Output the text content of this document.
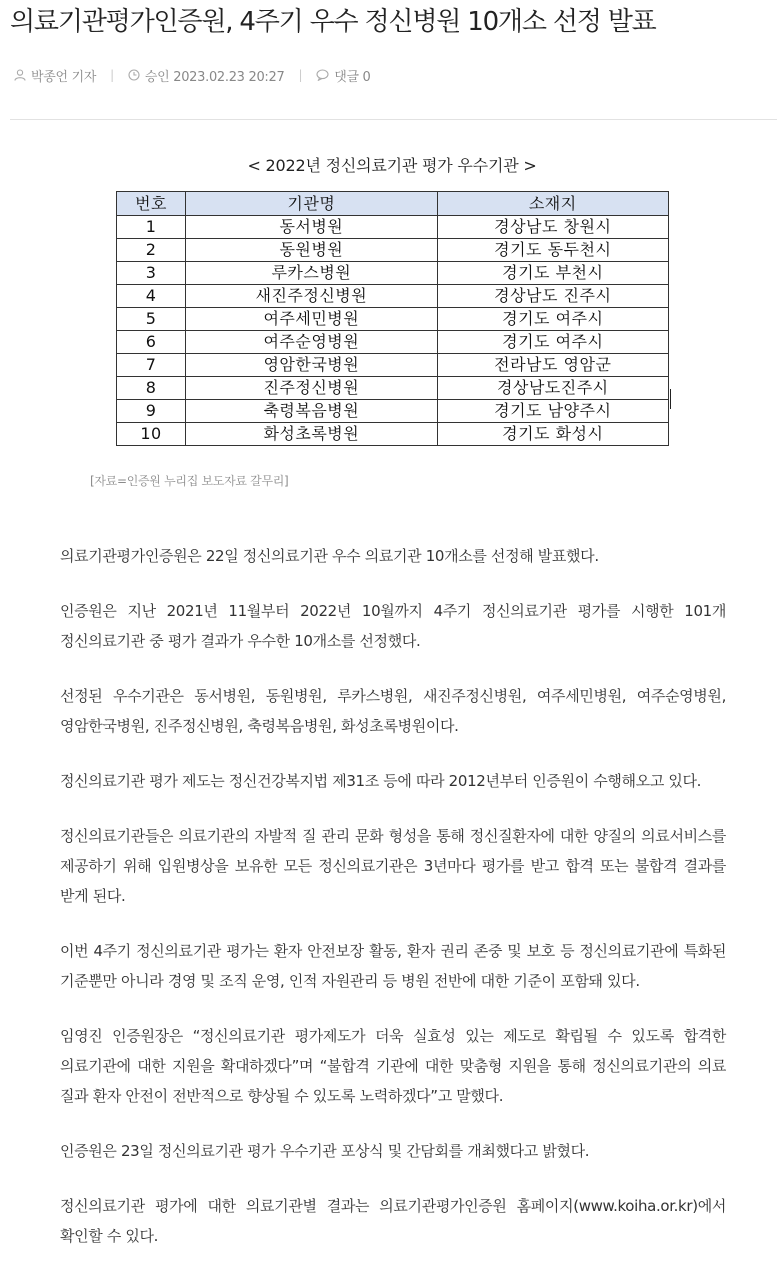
의료기관평가인증원, 4주기 우수 정신병원 10개소 선정 발표
박종언 기자 | 승인 2023.02.23 20:27 | 댓글 0
< 2022년 정신의료기관 평가 우수기관 >
번호	기관명	소재지
1	동서병원	경상남도 창원시
2	동원병원	경기도 동두천시
3	루카스병원	경기도 부천시
4	새진주정신병원	경상남도 진주시
5	여주세민병원	경기도 여주시
6	여주순영병원	경기도 여주시
7	영암한국병원	전라남도 영암군
8	진주정신병원	경상남도진주시
9	축령복음병원	경기도 남양주시
10	화성초록병원	경기도 화성시
[자료=인증원 누리집 보도자료 갈무리]

의료기관평가인증원은 22일 정신의료기관 우수 의료기관 10개소를 선정해 발표했다.

인증원은 지난 2021년 11월부터 2022년 10월까지 4주기 정신의료기관 평가를 시행한 101개 정신의료기관 중 평가 결과가 우수한 10개소를 선정했다.

선정된 우수기관은 동서병원, 동원병원, 루카스병원, 새진주정신병원, 여주세민병원, 여주순영병원, 영암한국병원, 진주정신병원, 축령복음병원, 화성초록병원이다.

정신의료기관 평가 제도는 정신건강복지법 제31조 등에 따라 2012년부터 인증원이 수행해오고 있다.

정신의료기관들은 의료기관의 자발적 질 관리 문화 형성을 통해 정신질환자에 대한 양질의 의료서비스를 제공하기 위해 입원병상을 보유한 모든 정신의료기관은 3년마다 평가를 받고 합격 또는 불합격 결과를 받게 된다.

이번 4주기 정신의료기관 평가는 환자 안전보장 활동, 환자 권리 존중 및 보호 등 정신의료기관에 특화된 기준뿐만 아니라 경영 및 조직 운영, 인적 자원관리 등 병원 전반에 대한 기준이 포함돼 있다.

임영진 인증원장은 “정신의료기관 평가제도가 더욱 실효성 있는 제도로 확립될 수 있도록 합격한 의료기관에 대한 지원을 확대하겠다”며 “불합격 기관에 대한 맞춤형 지원을 통해 정신의료기관의 의료 질과 환자 안전이 전반적으로 향상될 수 있도록 노력하겠다”고 말했다.

인증원은 23일 정신의료기관 평가 우수기관 포상식 및 간담회를 개최했다고 밝혔다.

정신의료기관 평가에 대한 의료기관별 결과는 의료기관평가인증원 홈페이지(www.koiha.or.kr)에서 확인할 수 있다.
